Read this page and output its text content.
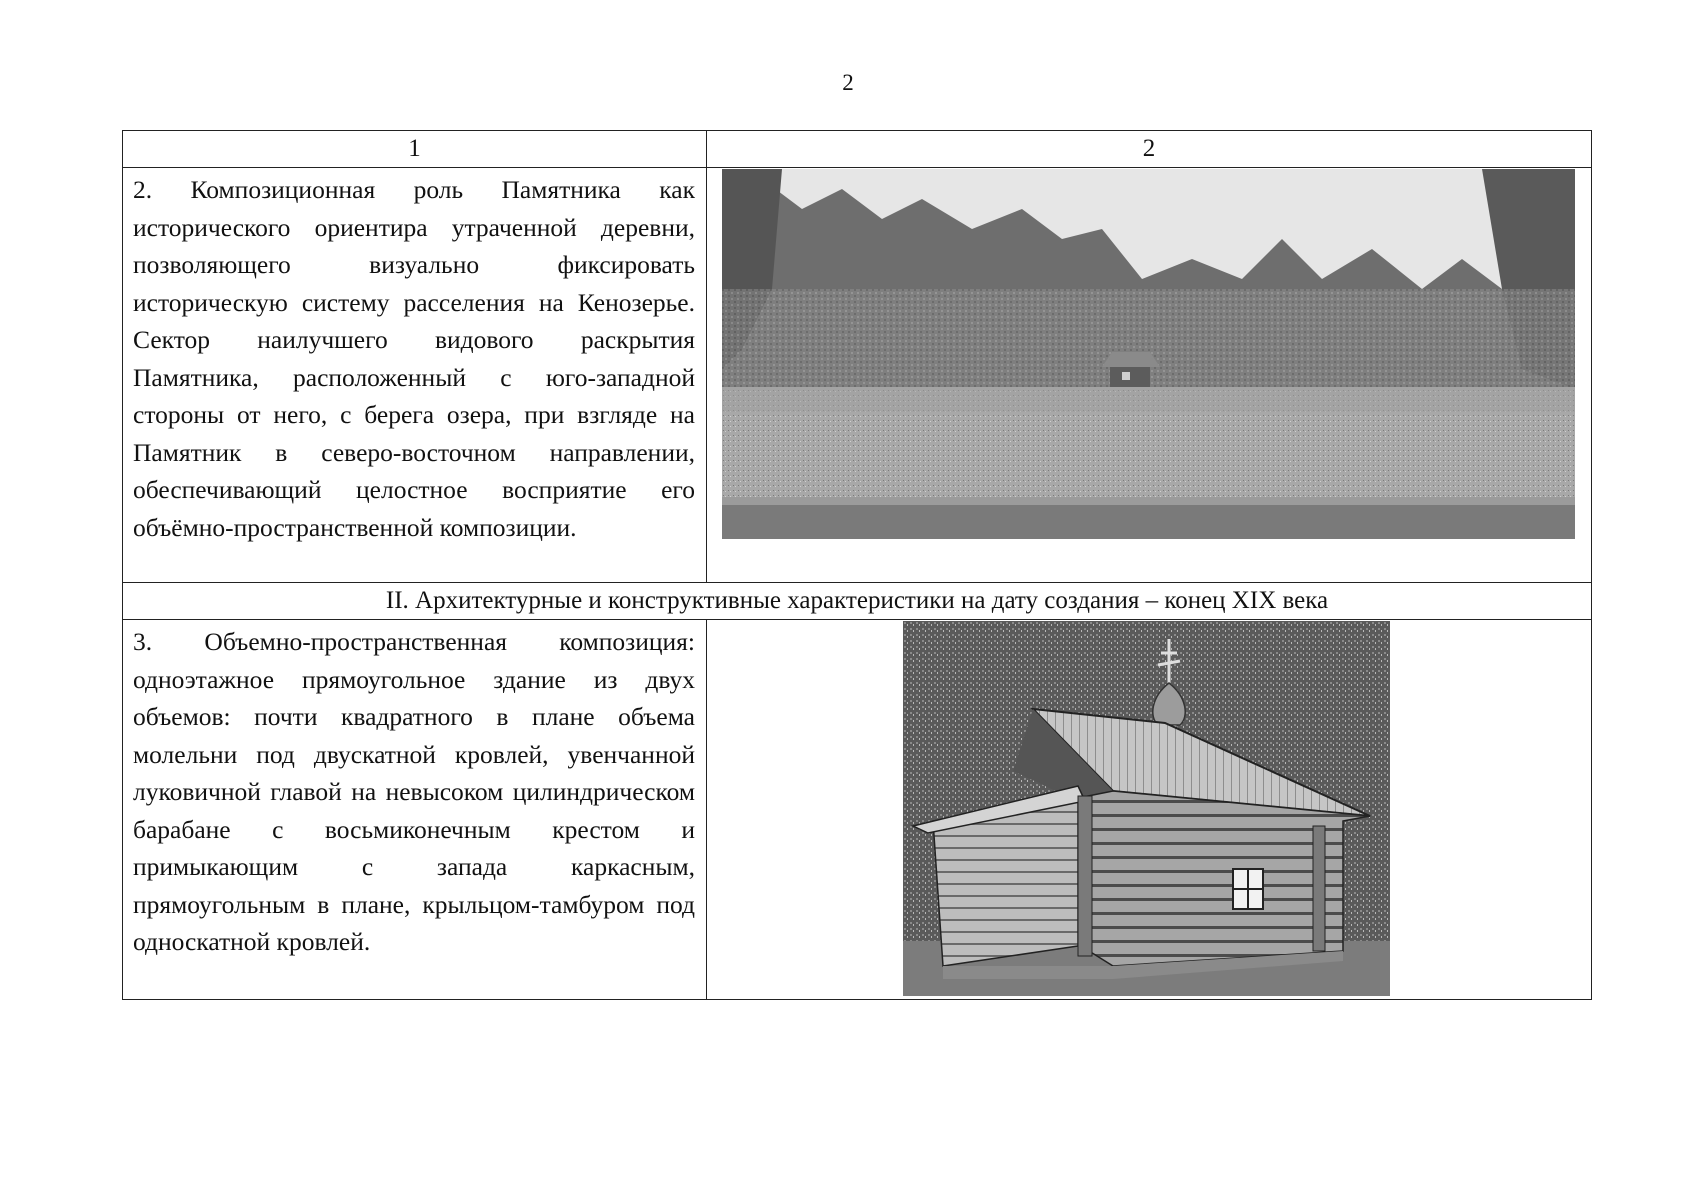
2
1	2

2. Композиционная роль Памятника как исторического ориентира утраченной деревни, позволяющего визуально фиксировать историческую систему расселения на Кенозерье. Сектор наилучшего видового раскрытия Памятника, расположенный с юго-западной стороны от него, с берега озера, при взгляде на Памятник в северо-восточном направлении, обеспечивающий целостное восприятие его объёмно-пространственной композиции.

II. Архитектурные и конструктивные характеристики на дату создания – конец XIX века	

3. Объемно-пространственная композиция: одноэтажное прямоугольное здание из двух объемов: почти квадратного в плане объема молельни под двускатной кровлей, увенчанной луковичной главой на невысоком цилиндрическом барабане с восьмиконечным крестом и примыкающим с запада каркасным, прямоугольным в плане, крыльцом-тамбуром под односкатной кровлей.
